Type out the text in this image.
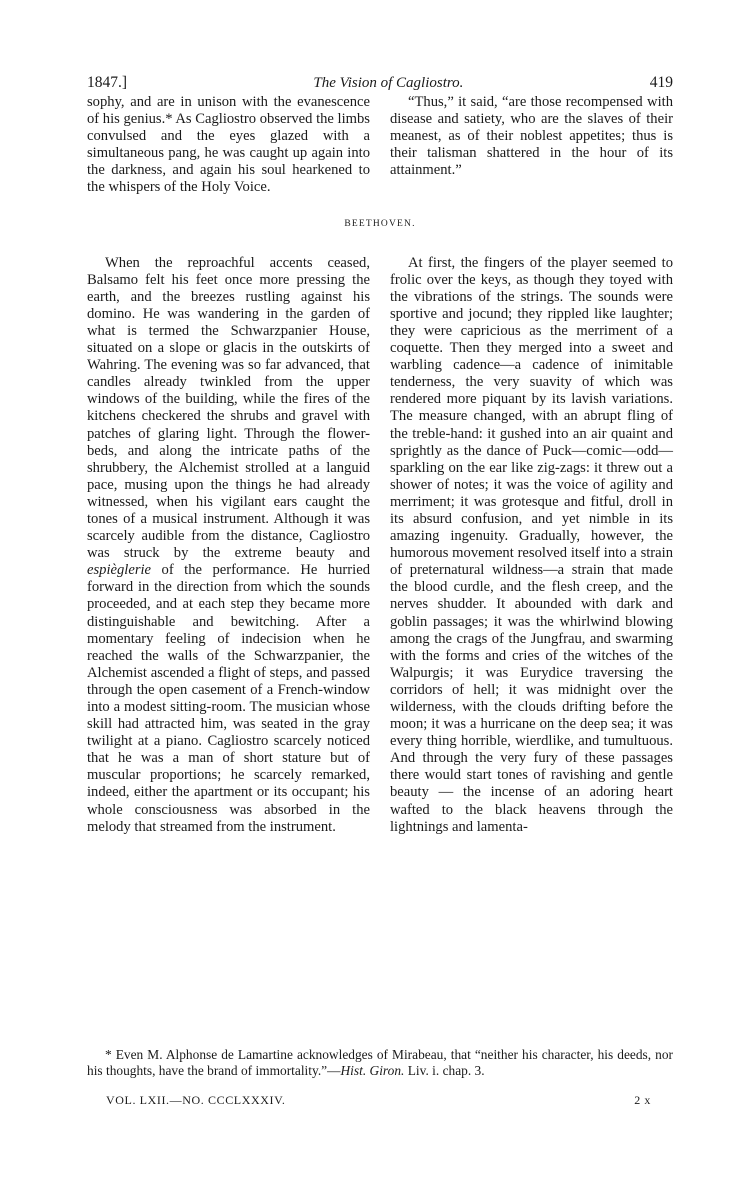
1847.]	The Vision of Cagliostro.	419

sophy, and are in unison with the evanescence of his genius.* As Cagliostro observed the limbs convulsed and the eyes glazed with a simultaneous pang, he was caught up again into the darkness, and again his soul hearkened to the whispers of the Holy Voice.

“Thus,” it said, “are those recompensed with disease and satiety, who are the slaves of their meanest, as of their noblest appetites; thus is their talisman shattered in the hour of its attainment.”

BEETHOVEN.

When the reproachful accents ceased, Balsamo felt his feet once more pressing the earth, and the breezes rustling against his domino. He was wandering in the garden of what is termed the Schwarzpanier House, situated on a slope or glacis in the outskirts of Wahring. The evening was so far advanced, that candles already twinkled from the upper windows of the building, while the fires of the kitchens checkered the shrubs and gravel with patches of glaring light. Through the flower-beds, and along the intricate paths of the shrubbery, the Alchemist strolled at a languid pace, musing upon the things he had already witnessed, when his vigilant ears caught the tones of a musical instrument. Although it was scarcely audible from the distance, Cagliostro was struck by the extreme beauty and espièglerie of the performance. He hurried forward in the direction from which the sounds proceeded, and at each step they became more distinguishable and bewitching. After a momentary feeling of indecision when he reached the walls of the Schwarzpanier, the Alchemist ascended a flight of steps, and passed through the open casement of a French-window into a modest sitting-room. The musician whose skill had attracted him, was seated in the gray twilight at a piano. Cagliostro scarcely noticed that he was a man of short stature but of muscular proportions; he scarcely remarked, indeed, either the apartment or its occupant; his whole consciousness was absorbed in the melody that streamed from the instrument.

At first, the fingers of the player seemed to frolic over the keys, as though they toyed with the vibrations of the strings. The sounds were sportive and jocund; they rippled like laughter; they were capricious as the merriment of a coquette. Then they merged into a sweet and warbling cadence—a cadence of inimitable tenderness, the very suavity of which was rendered more piquant by its lavish variations. The measure changed, with an abrupt fling of the treble-hand: it gushed into an air quaint and sprightly as the dance of Puck—comic—odd—sparkling on the ear like zig-zags: it threw out a shower of notes; it was the voice of agility and merriment; it was grotesque and fitful, droll in its absurd confusion, and yet nimble in its amazing ingenuity. Gradually, however, the humorous movement resolved itself into a strain of preternatural wildness—a strain that made the blood curdle, and the flesh creep, and the nerves shudder. It abounded with dark and goblin passages; it was the whirlwind blowing among the crags of the Jungfrau, and swarming with the forms and cries of the witches of the Walpurgis; it was Eurydice traversing the corridors of hell; it was midnight over the wilderness, with the clouds drifting before the moon; it was a hurricane on the deep sea; it was every thing horrible, wierdlike, and tumultuous. And through the very fury of these passages there would start tones of ravishing and gentle beauty — the incense of an adoring heart wafted to the black heavens through the lightnings and lamenta-

* Even M. Alphonse de Lamartine acknowledges of Mirabeau, that “neither his character, his deeds, nor his thoughts, have the brand of immortality.”—Hist. Giron. Liv. i. chap. 3.

VOL. LXII.—NO. CCCLXXXIV.	2 x
